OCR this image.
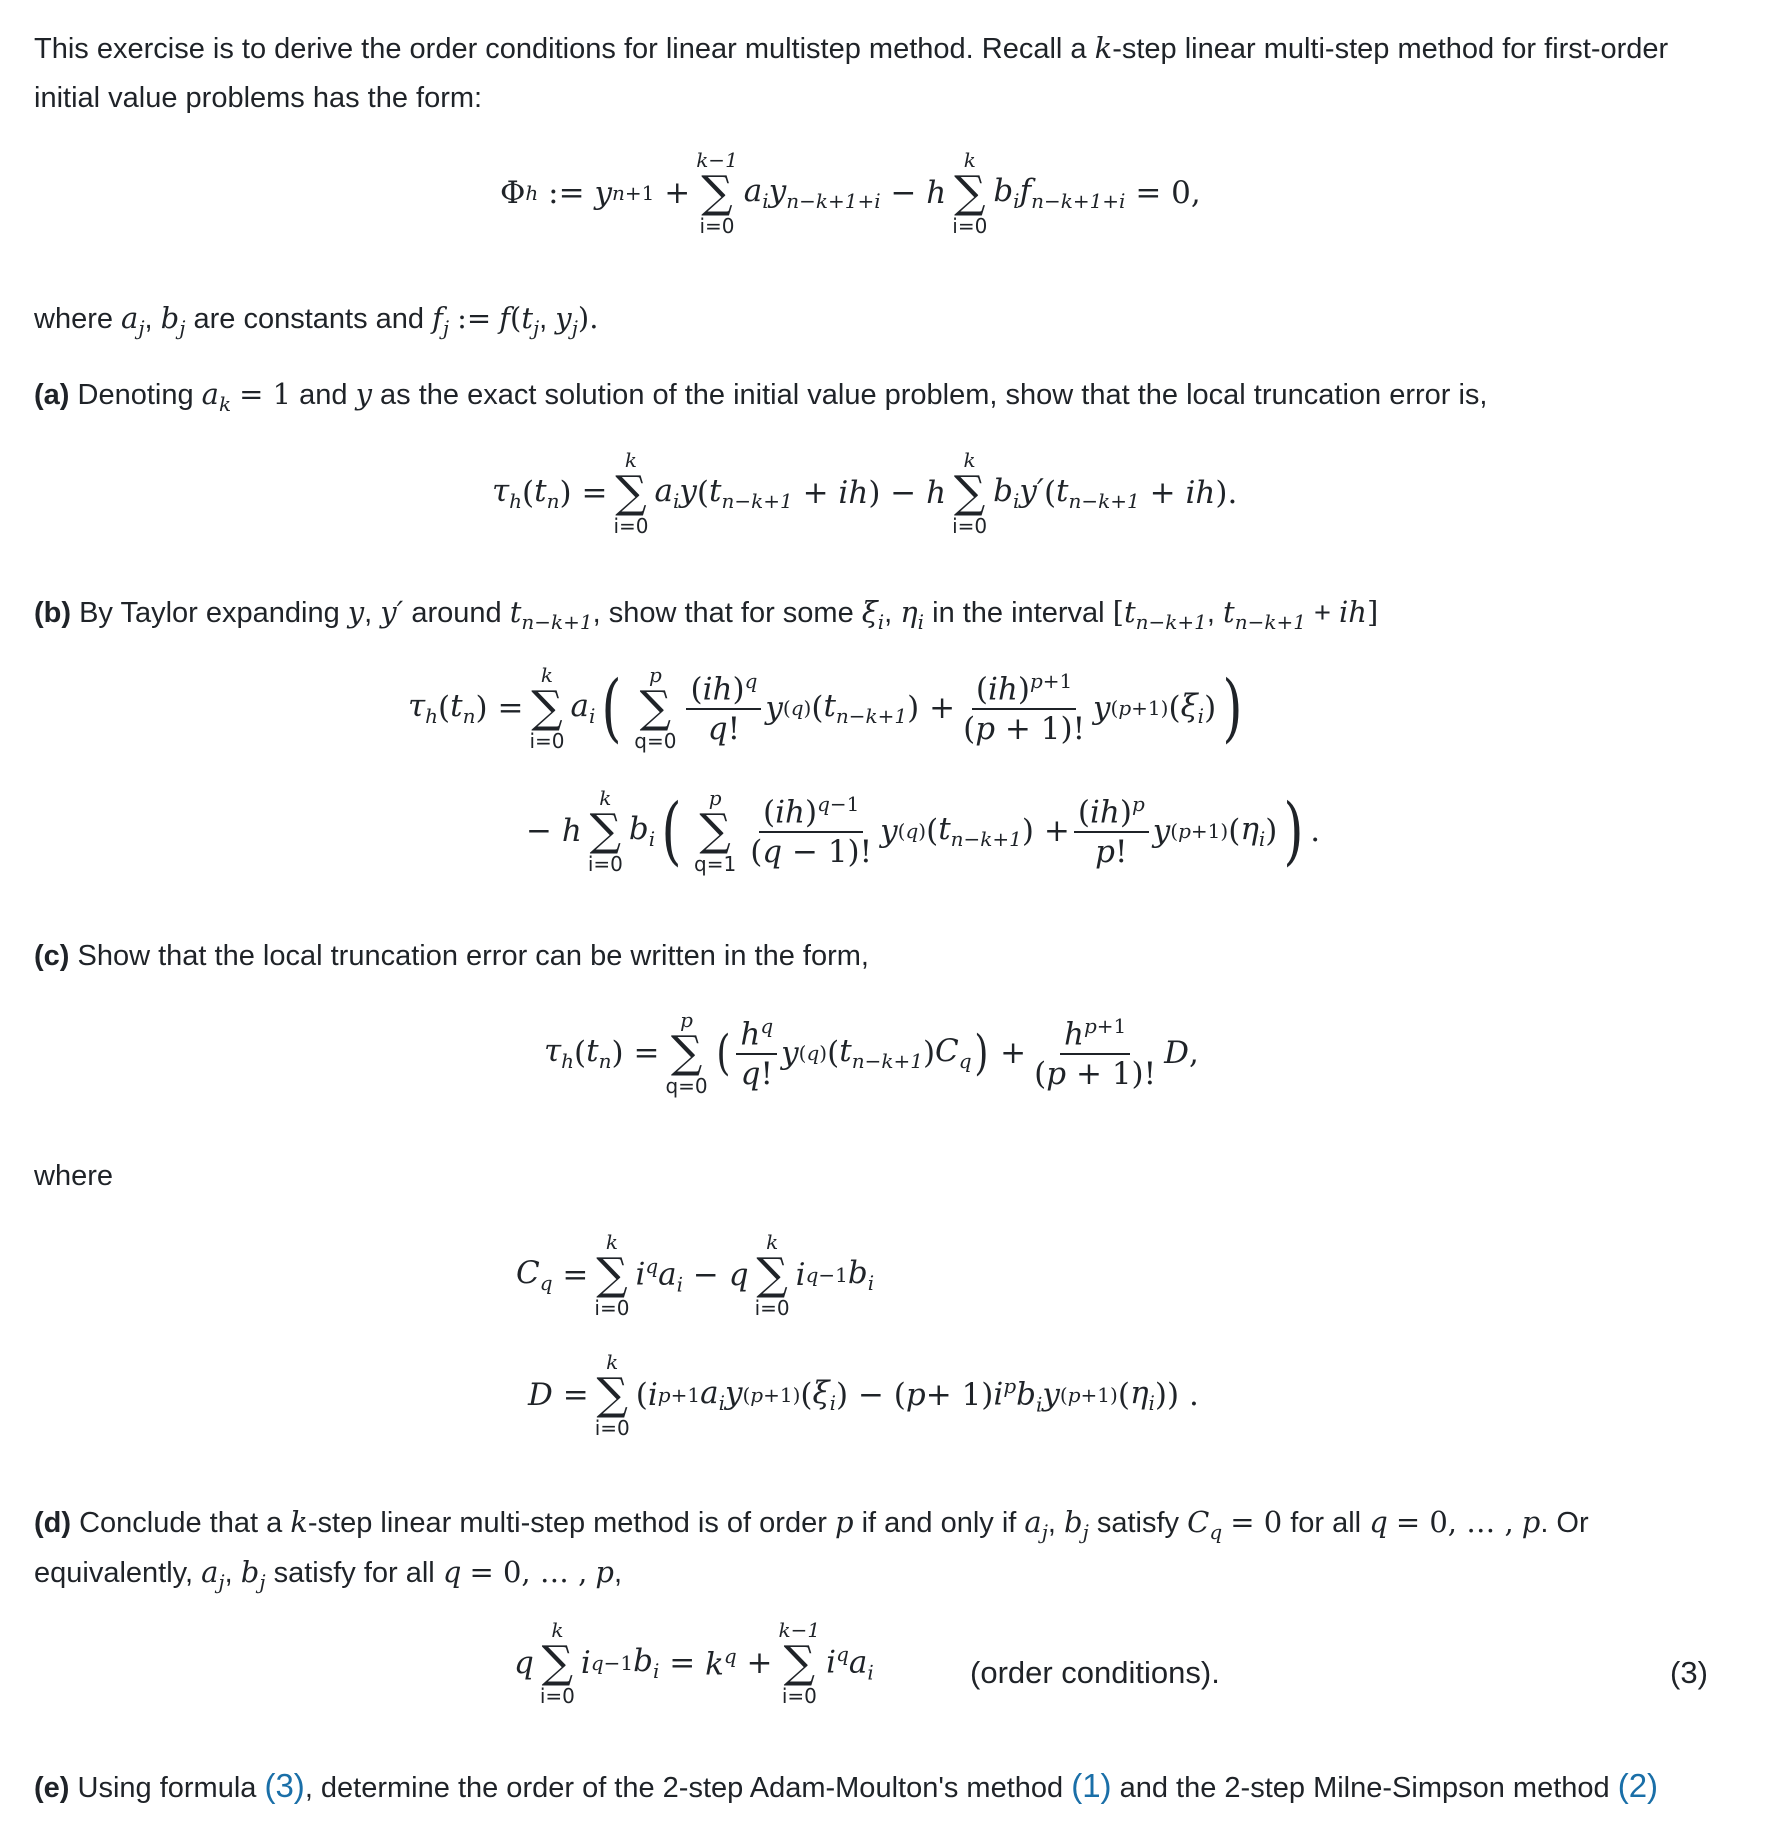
This exercise is to derive the order conditions for linear multistep method. Recall a k-step linear multi-step method for first-order
initial value problems has the form:
Φ h := y n +1 +
k−1
∑
i=0
$a_iy_{n-k+1+i} - h$
k
∑
i=0
$b_if_{n-k+1+i} = 0$,
where $a_j$, $b_j$ are constants and $f_j$ := $f(t_j$, $y_j$).
(a) Denoting $a_k = 1$ and y as the exact solution of the initial value problem, show that the local truncation error is,
$\tau_h$ ( $t_n$ ) =
k
∑
i=0
$a_iy$ ( $t_{n-k+1}$ + ih ) − h
k
∑
i=0
$b_iy'$ ( $t_{n-k+1}$ + ih ).
(b) By Taylor expanding y, y′ around $t_{n-k+1}$, show that for some $\xi_i$, $\eta_i$ in the interval [$t_{n-k+1}$, $t_{n-k+1} + ih$]
$\tau_h$ ( $t_n$ ) =
k
∑
i=0
$a_i$ ( p
∑
$q=0 \frac{(ih)^q}{q!}$ y (q) ( $t_{n-k+1}$ ) + $\frac{(ih)^{p+1}}{(p + 1)!}$ y (p+1) ( $\xi_i$ ) )
− h
k
∑
i=0
$b_i$ ( p
∑
$q=1 \frac{(ih)^{q-1}}{(q - 1)!}$ y (q) ( $t_{n-k+1}$ ) + $\frac{(ih)^p}{p!}$ y (p+1) ( $\eta_i$ ) ) .
(c) Show that the local truncation error can be written in the form,
$\tau_h$ ( $t_n$ ) =
p
∑
q=0
( $\frac{h^q}{q!}$ y (q) ( $t_{n-k+1}$ ) $C_q$ ) + $\frac{h^{p+1}}{(p + 1)!}$ D ,
where
$C_q$ =
k
∑
i=0
$i^qa_i - q$
k
∑
i=0
i q−1 $b_i$
D =
k
∑
i=0
( i p+1 $a_iy$ (p+1) ( $\xi_i$ ) − ( p + 1) $i^pb_iy$ (p+1) ( $\eta_i$ )) .
(d) Conclude that a k-step linear multi-step method is of order p if and only if $a_j$, $b_j$ satisfy $C_q = 0$ for all q = 0, … , p. Or
equivalently, $a_j$, $b_j$ satisfy for all q = 0, … , p,
q
k
∑
i=0
i q−1 $b_i = k^q$ +
k−1
∑
i=0
$i^qa_i$	(order conditions).	(3)
(e) Using formula (3), determine the order of the 2-step Adam-Moulton's method (1) and the 2-step Milne-Simpson method (2)
